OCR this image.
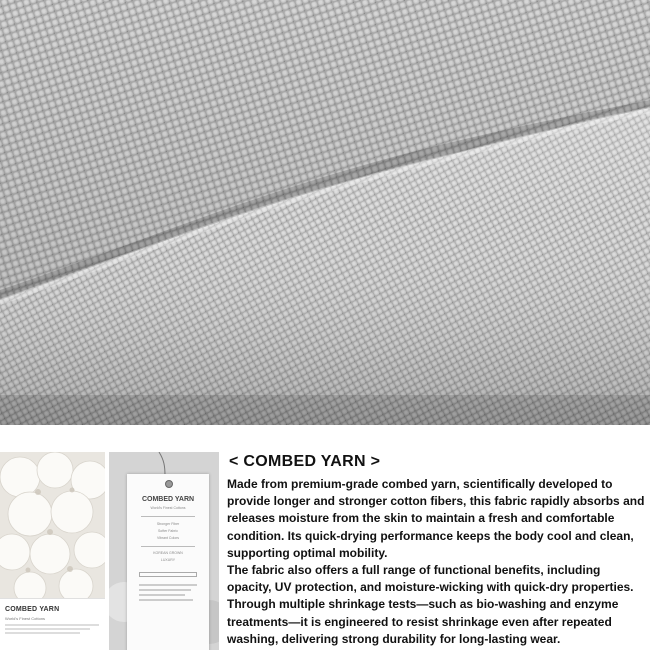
COMBED YARN
World's Finest Cottons
COMBED YARN
World's Finest Cottons
Stronger Fiber
Softer Fabric
Vibrant Colors
KOREAN GROWN
LUXURY
< COMBED YARN >

Made from premium-grade combed yarn, scientifically developed to provide longer and stronger cotton fibers, this fabric rapidly absorbs and releases moisture from the skin to maintain a fresh and comfortable condition. Its quick-drying performance keeps the body cool and clean, supporting optimal mobility.

The fabric also offers a full range of functional benefits, including opacity, UV protection, and moisture-wicking with quick-dry properties. Through multiple shrinkage tests—such as bio-washing and enzyme treatments—it is engineered to resist shrinkage even after repeated washing, delivering strong durability for long-lasting wear.
